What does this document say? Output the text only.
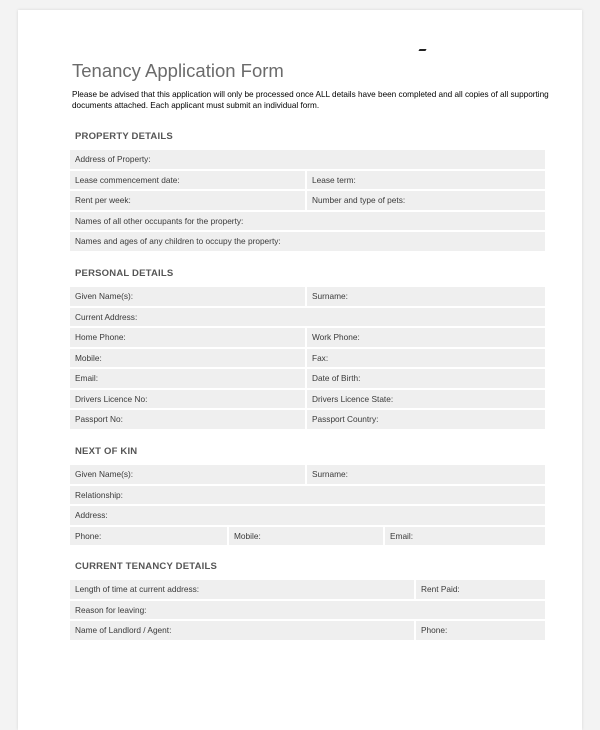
Tenancy Application Form

Please be advised that this application will only be processed once ALL details have been completed and all copies of all supporting documents attached. Each applicant must submit an individual form.

PROPERTY DETAILS
Address of Property:
Lease commencement date:	Lease term:
Rent per week:	Number and type of pets:
Names of all other occupants for the property:
Names and ages of any children to occupy the property:
PERSONAL DETAILS
Given Name(s):	Surname:
Current Address:
Home Phone:	Work Phone:
Mobile:	Fax:
Email:	Date of Birth:
Drivers Licence No:	Drivers Licence State:
Passport No:	Passport Country:
NEXT OF KIN
Given Name(s):	Surname:
Relationship:
Address:
Phone:	Mobile:	Email:
CURRENT TENANCY DETAILS
Length of time at current address:	Rent Paid:
Reason for leaving:
Name of Landlord / Agent:	Phone:
